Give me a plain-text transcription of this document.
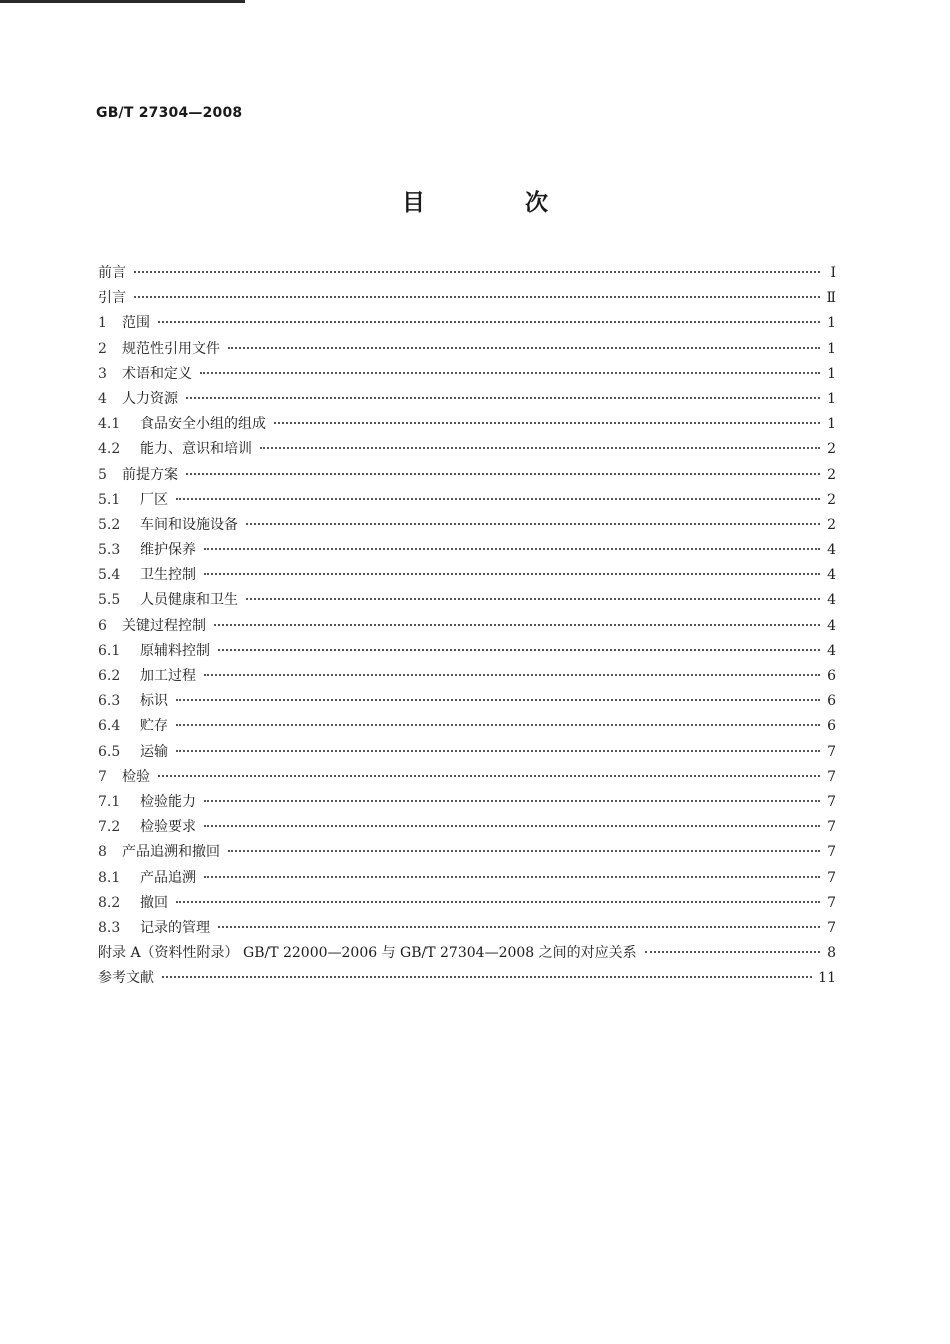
GB/T 27304—2008
目 次
前言	Ⅰ
引言	Ⅱ
1	范围	1
2	规范性引用文件	1
3	术语和定义	1
4	人力资源	1
4.1	食品安全小组的组成	1
4.2	能力、意识和培训	2
5	前提方案	2
5.1	厂区	2
5.2	车间和设施设备	2
5.3	维护保养	4
5.4	卫生控制	4
5.5	人员健康和卫生	4
6	关键过程控制	4
6.1	原辅料控制	4
6.2	加工过程	6
6.3	标识	6
6.4	贮存	6
6.5	运输	7
7	检验	7
7.1	检验能力	7
7.2	检验要求	7
8	产品追溯和撤回	7
8.1	产品追溯	7
8.2	撤回	7
8.3	记录的管理	7
附录 A（资料性附录） GB/T 22000—2006 与 GB/T 27304—2008 之间的对应关系	8
参考文献	11
